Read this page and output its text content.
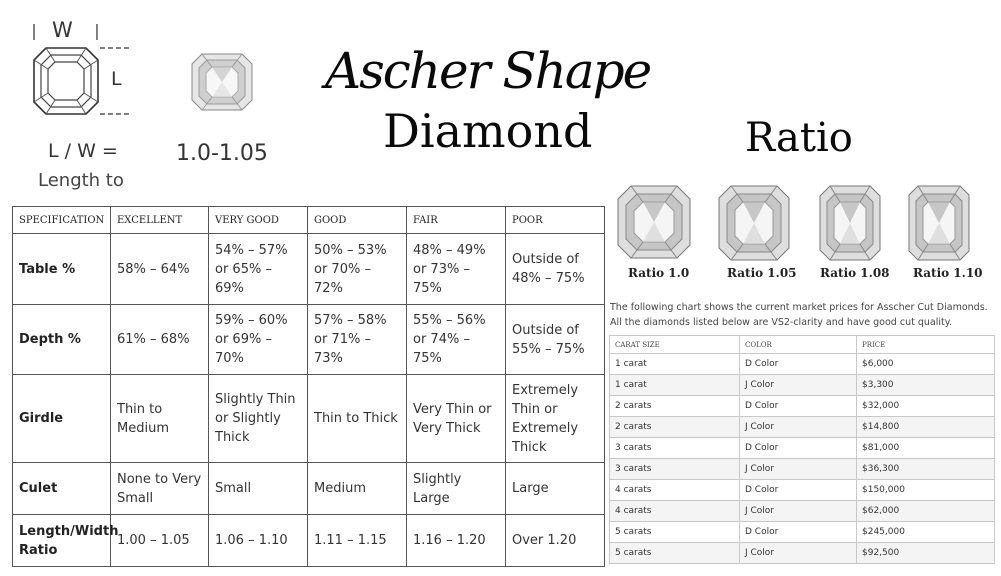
W
L
L / W =
Length to
1.0-1.05
Ascher Shape
Diamond	Ratio
Ratio 1.0	Ratio 1.05 Ratio 1.08 Ratio 1.10
SPECIFICATION	EXCELLENT	VERY GOOD	GOOD	FAIR	POOR
Table %	58% – 64%	54% – 57% or 65% – 69%	50% – 53% or 70% – 72%	48% – 49% or 73% – 75%	Outside of 48% – 75%
Depth %	61% – 68%	59% – 60% or 69% – 70%	57% – 58% or 71% – 73%	55% – 56% or 74% – 75%	Outside of 55% – 75%
Girdle	Thin to Medium	Slightly Thin or Slightly Thick	Thin to Thick	Very Thin or Very Thick	Extremely Thin or Extremely Thick
Culet	None to Very Small	Small	Medium	Slightly Large	Large
Length/Width Ratio	1.00 – 1.05	1.06 – 1.10	1.11 – 1.15	1.16 – 1.20	Over 1.20
The following chart shows the current market prices for Asscher Cut Diamonds. All the diamonds listed below are VS2-clarity and have good cut quality.
CARAT SIZE	COLOR	PRICE
1 carat	D Color	$6,000
1 carat	J Color	$3,300
2 carats	D Color	$32,000
2 carats	J Color	$14,800
3 carats	D Color	$81,000
3 carats	J Color	$36,300
4 carats	D Color	$150,000
4 carats	J Color	$62,000
5 carats	D Color	$245,000
5 carats	J Color	$92,500
